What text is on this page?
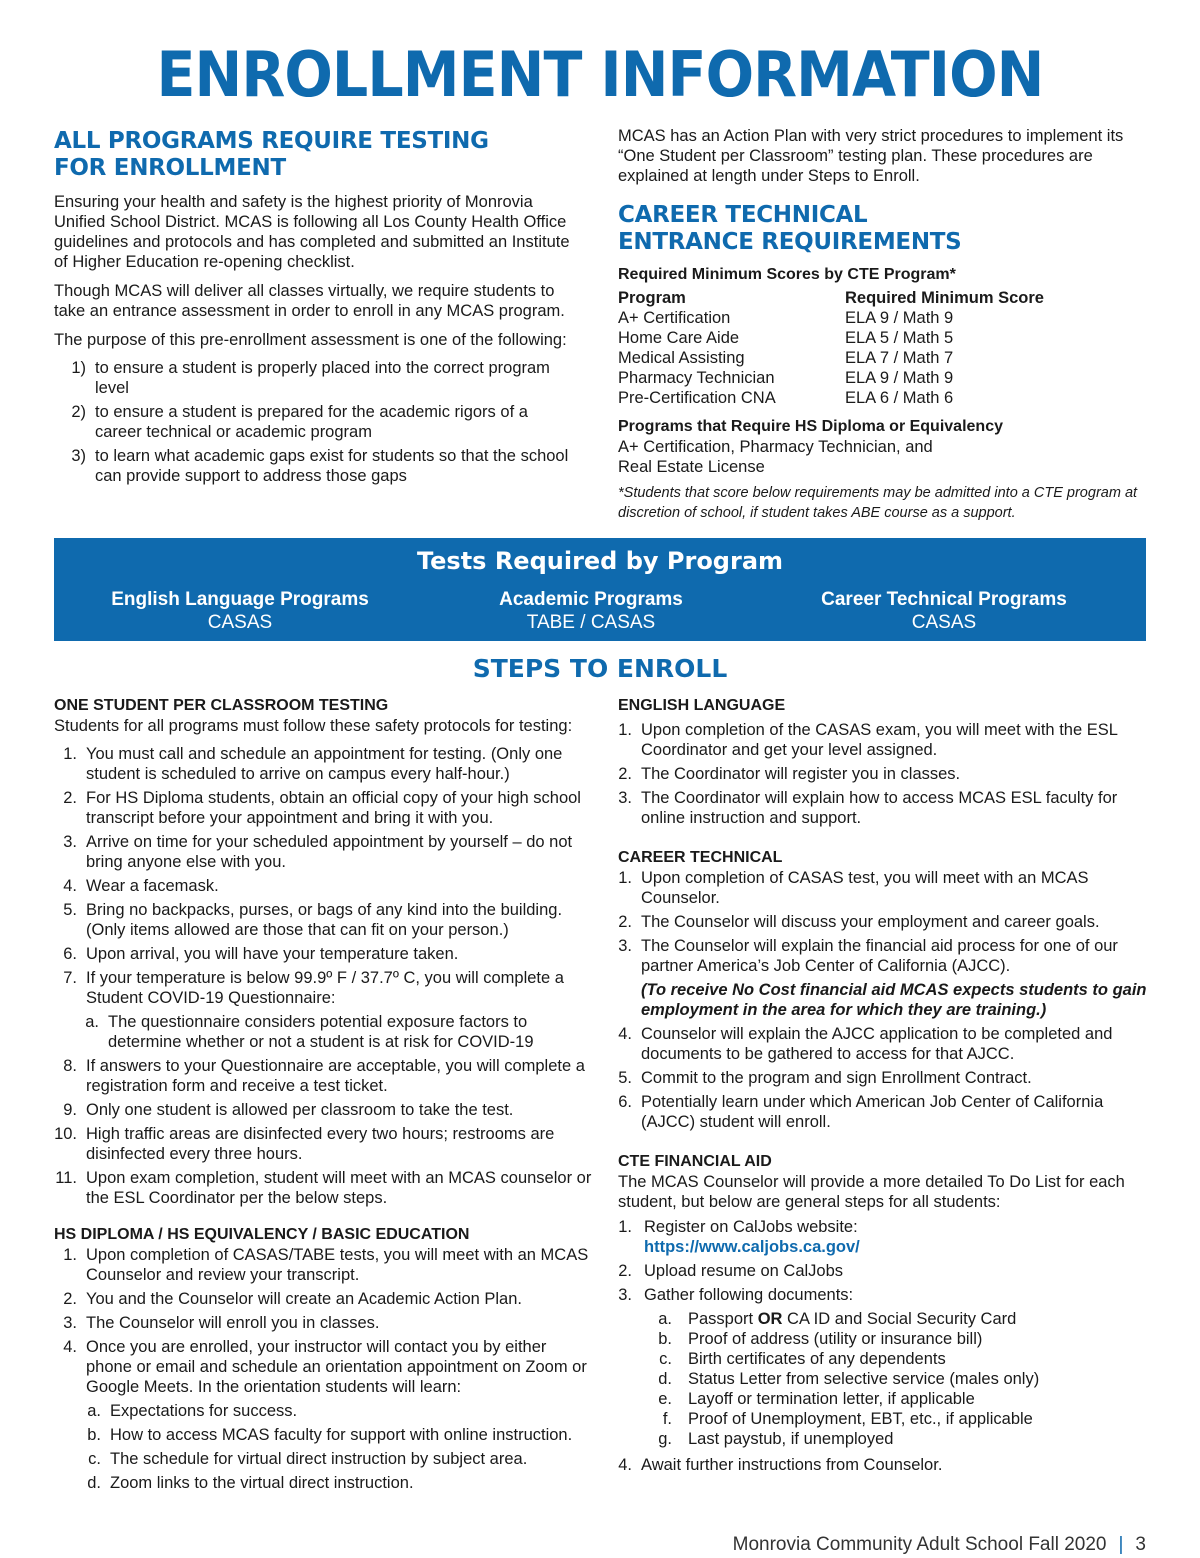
ENROLLMENT INFORMATION
ALL PROGRAMS REQUIRE TESTING
FOR ENROLLMENT

Ensuring your health and safety is the highest priority of Monrovia Unified School District. MCAS is following all Los County Health Office guidelines and protocols and has completed and submitted an Institute of Higher Education re-opening checklist.

Though MCAS will deliver all classes virtually, we require students to take an entrance assessment in order to enroll in any MCAS program.

The purpose of this pre-enrollment assessment is one of the following:

1) to ensure a student is properly placed into the correct program level
2) to ensure a student is prepared for the academic rigors of a career technical or academic program
3) to learn what academic gaps exist for students so that the school can provide support to address those gaps

MCAS has an Action Plan with very strict procedures to implement its “One Student per Classroom” testing plan. These procedures are explained at length under Steps to Enroll.

CAREER TECHNICAL
ENTRANCE REQUIREMENTS

Required Minimum Scores by CTE Program*

Program	Required Minimum Score
A+ Certification	ELA 9 / Math 9
Home Care Aide	ELA 5 / Math 5
Medical Assisting	ELA 7 / Math 7
Pharmacy Technician	ELA 9 / Math 9
Pre-Certification CNA	ELA 6 / Math 6

Programs that Require HS Diploma or Equivalency

A+ Certification, Pharmacy Technician, and

Real Estate License

*Students that score below requirements may be admitted into a CTE program at discretion of school, if student takes ABE course as a support.

Tests Required by Program
English Language Programs
CASAS
Academic Programs
TABE / CASAS
Career Technical Programs
CASAS
STEPS TO ENROLL

ONE STUDENT PER CLASSROOM TESTING

Students for all programs must follow these safety protocols for testing:

1. You must call and schedule an appointment for testing. (Only one student is scheduled to arrive on campus every half-hour.)
2. For HS Diploma students, obtain an official copy of your high school transcript before your appointment and bring it with you.
3. Arrive on time for your scheduled appointment by yourself – do not bring anyone else with you.
4. Wear a facemask.
5. Bring no backpacks, purses, or bags of any kind into the building. (Only items allowed are those that can fit on your person.)
6. Upon arrival, you will have your temperature taken.
7. If your temperature is below 99.9º F / 37.7º C, you will complete a Student COVID-19 Questionnaire:
a. The questionnaire considers potential exposure factors to determine whether or not a student is at risk for COVID-19
8. If answers to your Questionnaire are acceptable, you will complete a registration form and receive a test ticket.
9. Only one student is allowed per classroom to take the test.
10. High traffic areas are disinfected every two hours; restrooms are disinfected every three hours.
11. Upon exam completion, student will meet with an MCAS counselor or the ESL Coordinator per the below steps.

HS DIPLOMA / HS EQUIVALENCY / BASIC EDUCATION

1. Upon completion of CASAS/TABE tests, you will meet with an MCAS Counselor and review your transcript.
2. You and the Counselor will create an Academic Action Plan.
3. The Counselor will enroll you in classes.
4. Once you are enrolled, your instructor will contact you by either phone or email and schedule an orientation appointment on Zoom or Google Meets. In the orientation students will learn:
a. Expectations for success.
b. How to access MCAS faculty for support with online instruction.
c. The schedule for virtual direct instruction by subject area.
d. Zoom links to the virtual direct instruction.

ENGLISH LANGUAGE

1. Upon completion of the CASAS exam, you will meet with the ESL Coordinator and get your level assigned.
2. The Coordinator will register you in classes.
3. The Coordinator will explain how to access MCAS ESL faculty for online instruction and support.

CAREER TECHNICAL

1. Upon completion of CASAS test, you will meet with an MCAS Counselor.
2. The Counselor will discuss your employment and career goals.
3. The Counselor will explain the financial aid process for one of our partner America’s Job Center of California (AJCC).

(To receive No Cost financial aid MCAS expects students to gain employment in the area for which they are training.)

4. Counselor will explain the AJCC application to be completed and documents to be gathered to access for that AJCC.
5. Commit to the program and sign Enrollment Contract.
6. Potentially learn under which American Job Center of California (AJCC) student will enroll.

CTE FINANCIAL AID

The MCAS Counselor will provide a more detailed To Do List for each student, but below are general steps for all students:

1. Register on CalJobs website:
https://www.caljobs.ca.gov/
2. Upload resume on CalJobs
3. Gather following documents:
a. Passport OR CA ID and Social Security Card
b. Proof of address (utility or insurance bill)
c. Birth certificates of any dependents
d. Status Letter from selective service (males only)
e. Layoff or termination letter, if applicable
f. Proof of Unemployment, EBT, etc., if applicable
g. Last paystub, if unemployed
4. Await further instructions from Counselor.
Monrovia Community Adult School Fall 2020 | 3
